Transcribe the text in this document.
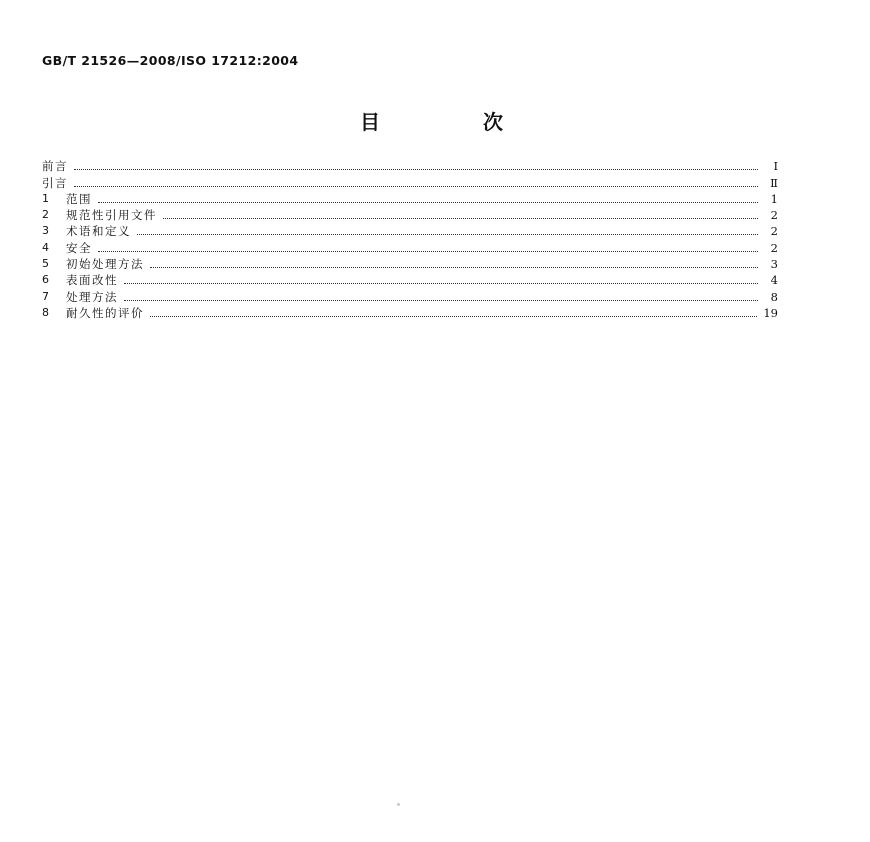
GB/T 21526—2008/ISO 17212:2004
目 次
前言	Ⅰ
引言	Ⅱ
1	范围	1
2	规范性引用文件	2
3	术语和定义	2
4	安全	2
5	初始处理方法	3
6	表面改性	4
7	处理方法	8
8	耐久性的评价	19
